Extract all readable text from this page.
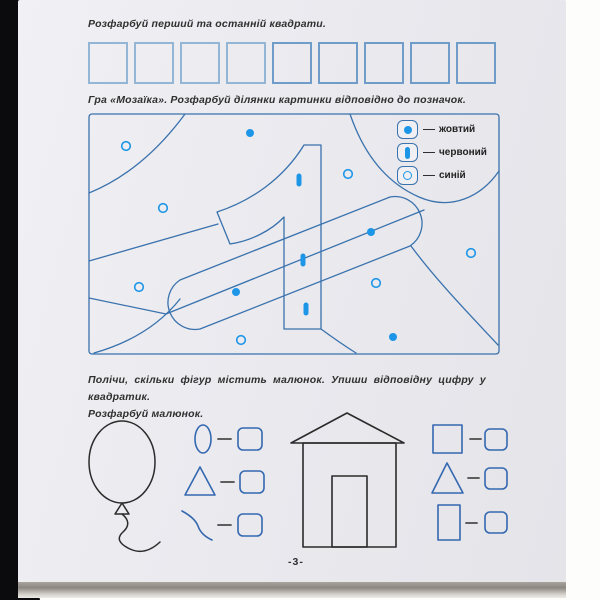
Розфарбуй перший та останній квадрати.
Гра «Мозаїка». Розфарбуй ділянки картинки відповідно до позначок.
жовтий
червоний
синій
Полічи, скільки фігур містить малюнок. Упиши відповідну цифру у квадратик.
Розфарбуй малюнок.
-3-
